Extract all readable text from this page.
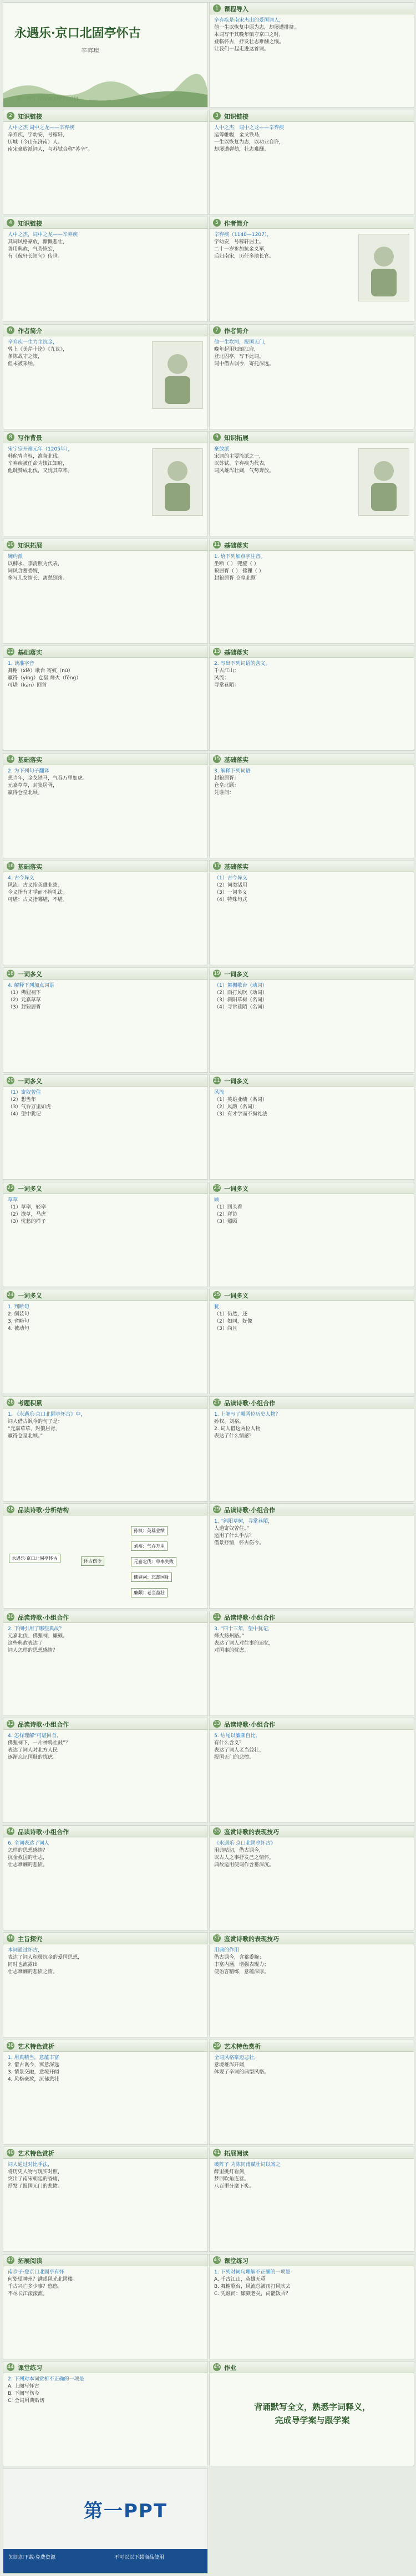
永遇乐·京口北固亭怀古
辛弃疾
1 课程导入
辛弃疾是南宋杰出的爱国词人，
他一生以恢复中原为志，却屡遭排挤。
本词写于其晚年镇守京口之时，
登临怀古，抒发壮志难酬之慨。
让我们一起走进这首词。
2 知识链接
人中之杰 词中之龙——辛弃疾
辛弃疾，字幼安，号稼轩，
历城（今山东济南）人。
南宋豪放派词人，与苏轼合称“苏辛”。
3 知识链接
人中之杰，词中之龙——辛弃疾
运筹帷幄，金戈铁马，
一生以恢复为志，以功业自许，
却屡遭弹劾，壮志难酬。
4 知识链接
人中之杰，词中之龙——辛弃疾
其词风格豪放，慷慨悲壮，
善用典故，气势恢宏，
有《稼轩长短句》传世。
5 作者简介
辛弃疾（1140—1207），
字幼安，号稼轩居士。
二十一岁参加抗金义军，
后归南宋，历任多地长官。
6 作者简介
辛弃疾一生力主抗金，
曾上《美芹十论》《九议》，
条陈战守之策，
但未被采纳。
7 作者简介
他一生坎坷，报国无门，
晚年起用知镇江府，
登北固亭，写下此词。
词中借古讽今，寄托深远。
8 写作背景
宋宁宗开禧元年（1205年），
韩侂胄当权，准备北伐。
辛弃疾被任命为镇江知府，
他既赞成北伐，又忧其草率。
9 知识拓展
豪放派
宋词的主要流派之一，
以苏轼、辛弃疾为代表，
词风雄浑壮阔，气势奔放。
10 知识拓展
婉约派
以柳永、李清照为代表，
词风含蓄委婉，
多写儿女情长、离愁别绪。
11 基础落实
1. 给下列加点字注音。
坐断（ ） 兜鍪（ ）
狼居胥（ ） 佛狸（ ）
封狼居胥 仓皇北顾
12 基础落实
1. 读准字音
舞榭（xiè）歌台 寄奴（nú）
赢得（yíng）仓皇 烽火（fēng）
可堪（kān）回首
13 基础落实
2. 写出下列词语的含义。
千古江山：
风流：
寻常巷陌：
14 基础落实
2. 为下列句子翻译
想当年，金戈铁马，气吞万里如虎。
元嘉草草，封狼居胥，
赢得仓皇北顾。
15 基础落实
3. 解释下列词语
封狼居胥：
仓皇北顾：
凭谁问：
16 基础落实
4. 古今异义
风流：古义指英雄业绩；
今义指有才学而不拘礼法。
可堪：古义指哪堪，不堪。
17 基础落实
（1）古今异义
（2）词类活用
（3）一词多义
（4）特殊句式
18 一词多义
4. 解释下列加点词语
（1）佛狸祠下
（2）元嘉草草
（3）封狼居胥
19 一词多义
（1）舞榭歌台（动词）
（2）雨打风吹（动词）
（3）斜阳草树（名词）
（4）寻常巷陌（名词）
20 一词多义
（1）寄奴曾住
（2）想当年
（3）气吞万里如虎
（4）望中犹记
21 一词多义
风流
（1）英雄业绩（名词）
（2）风韵（名词）
（3）有才学而不拘礼法
22 一词多义
草草
（1）草率，轻率
（2）潦草，马虎
（3）忧愁的样子
23 一词多义
顾
（1）回头看
（2）拜访
（3）照顾
24 一词多义
1. 判断句
2. 倒装句
3. 省略句
4. 被动句
25 一词多义
犹
（1）仍然，还
（2）如同，好像
（3）尚且
26 考题积累
1. 《永遇乐·京口北固亭怀古》中，
词人借古讽今的句子是：
“元嘉草草，封狼居胥，
赢得仓皇北顾。”
27 品读诗歌·小组合作
1. 上阕写了哪两位历史人物？
孙权、刘裕。
2. 词人借这两位人物
表达了什么情感？
28 品读诗歌·分析结构
永遇乐·京口北固亭怀古
怀古伤今
孙权：英雄业绩
刘裕：气吞万里
元嘉北伐：草率失败
佛狸祠：忘却国耻
廉颇：老当益壮
29 品读诗歌·小组合作
1. “斜阳草树，寻常巷陌，
人道寄奴曾住。”
运用了什么手法？
借景抒情，怀古伤今。
30 品读诗歌·小组合作
2. 下阕引用了哪些典故？
元嘉北伐、佛狸祠、廉颇。
这些典故表达了
词人怎样的思想感情？
31 品读诗歌·小组合作
3. “四十三年，望中犹记，
烽火扬州路。”
表达了词人对往事的追忆，
对国事的忧虑。
32 品读诗歌·小组合作
4. 怎样理解“可堪回首，
佛狸祠下，一片神鸦社鼓”？
表达了词人对北方人民
逐渐忘记国耻的忧虑。
33 品读诗歌·小组合作
5. 结尾以廉颇自比，
有什么含义？
表达了词人老当益壮、
报国无门的悲愤。
34 品读诗歌·小组合作
6. 全词表达了词人
怎样的思想感情？
抗金救国的壮志，
壮志难酬的悲愤。
35 鉴赏诗歌的表现技巧
《永遇乐·京口北固亭怀古》
用典贴切，借古讽今，
以古人之事抒发己之情怀。
典故运用使词作含蓄深沉。
36 主旨探究
本词通过怀古，
表达了词人积极抗金的爱国思想，
同时也流露出
壮志难酬的悲愤之情。
37 鉴赏诗歌的表现技巧
用典的作用
借古讽今，含蓄委婉；
丰富内涵，增强表现力；
使语言精练，意蕴深厚。
38 艺术特色赏析
1. 用典精当，意蕴丰富
2. 借古讽今，寓意深远
3. 情景交融，意境开阔
4. 风格豪放，沉郁悲壮
39 艺术特色赏析
全词风格豪迈悲壮，
意境雄浑开阔，
体现了辛词的典型风格。
40 艺术特色赏析
词人通过对比手法，
将历史人物与现实对照，
突出了南宋朝廷的昏庸，
抒发了报国无门的悲愤。
41 拓展阅读
破阵子·为陈同甫赋壮词以寄之
醉里挑灯看剑，
梦回吹角连营。
八百里分麾下炙。
42 拓展阅读
南乡子·登京口北固亭有怀
何处望神州？满眼风光北固楼。
千古兴亡多少事？悠悠。
不尽长江滚滚流。
43 课堂练习
1. 下列对词句理解不正确的一项是
A. 千古江山，英雄无觅
B. 舞榭歌台，风流总被雨打风吹去
C. 凭谁问：廉颇老矣，尚能饭否？
44 课堂练习
2. 下列对本词赏析不正确的一项是
A. 上阕写怀古
B. 下阕写伤今
C. 全词用典贴切
45 作业
背诵默写全文，熟悉字词释义，
完成导学案与跟学案
第一PPT
知识加下载·免费资源	不可以以下载商品使用
